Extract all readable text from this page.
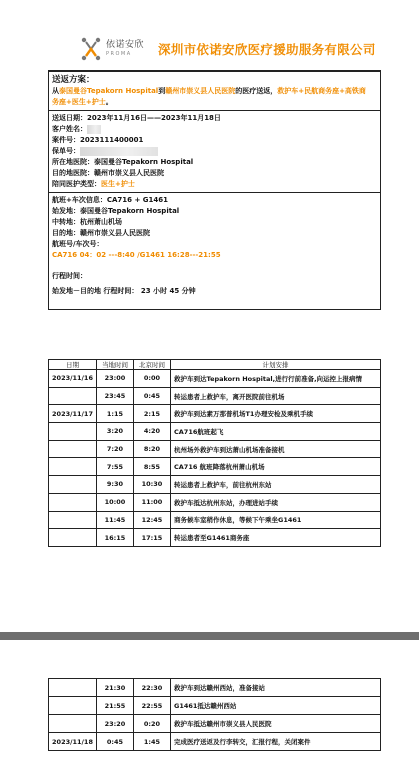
依诺安欣
PROMA	深圳市依诺安欣医疗援助服务有限公司
送返方案：
从泰国曼谷Tepakorn Hospital到赣州市崇义县人民医院的医疗送返，救护车+民航商务座+高铁商
务座+医生+护士。
送返日期：2023年11月16日——2023年11月18日
客户姓名：
案件号：2023111400001
保单号：
所在地医院：泰国曼谷Tepakorn Hospital
目的地医院：赣州市崇义县人民医院
陪同医护类型：医生+护士
航班+车次信息：CA716 + G1461
始发地：泰国曼谷Tepakorn Hospital
中转地：杭州萧山机场
目的地：赣州市崇义县人民医院
航班号/车次号：
CA716 04：02 ---8:40 /G1461 16:28---21:55
行程时间：
始发地－目的地 行程时间： 23 小时 45 分钟
日期	当地时间	北京时间	计划安排
2023/11/16	23:00	0:00	救护车到达Tepakorn Hospital,进行行前准备,向运控上报病情
	23:45	0:45	转运患者上救护车，离开医院前往机场
2023/11/17	1:15	2:15	救护车到达素万那普机场T1办理安检及乘机手续
	3:20	4:20	CA716航班起飞
	7:20	8:20	杭州场外救护车到达萧山机场准备接机
	7:55	8:55	CA716 航班降落杭州萧山机场
	9:30	10:30	转运患者上救护车，前往杭州东站
	10:00	11:00	救护车抵达杭州东站，办理进站手续
	11:45	12:45	商务候车室稍作休息，等候下午乘坐G1461
	16:15	17:15	转运患者至G1461商务座
	21:30	22:30	救护车到达赣州西站，准备接站
	21:55	22:55	G1461抵达赣州西站
	23:20	0:20	救护车抵达赣州市崇义县人民医院
2023/11/18	0:45	1:45	完成医疗送返及行李转交，汇报行程，关闭案件
